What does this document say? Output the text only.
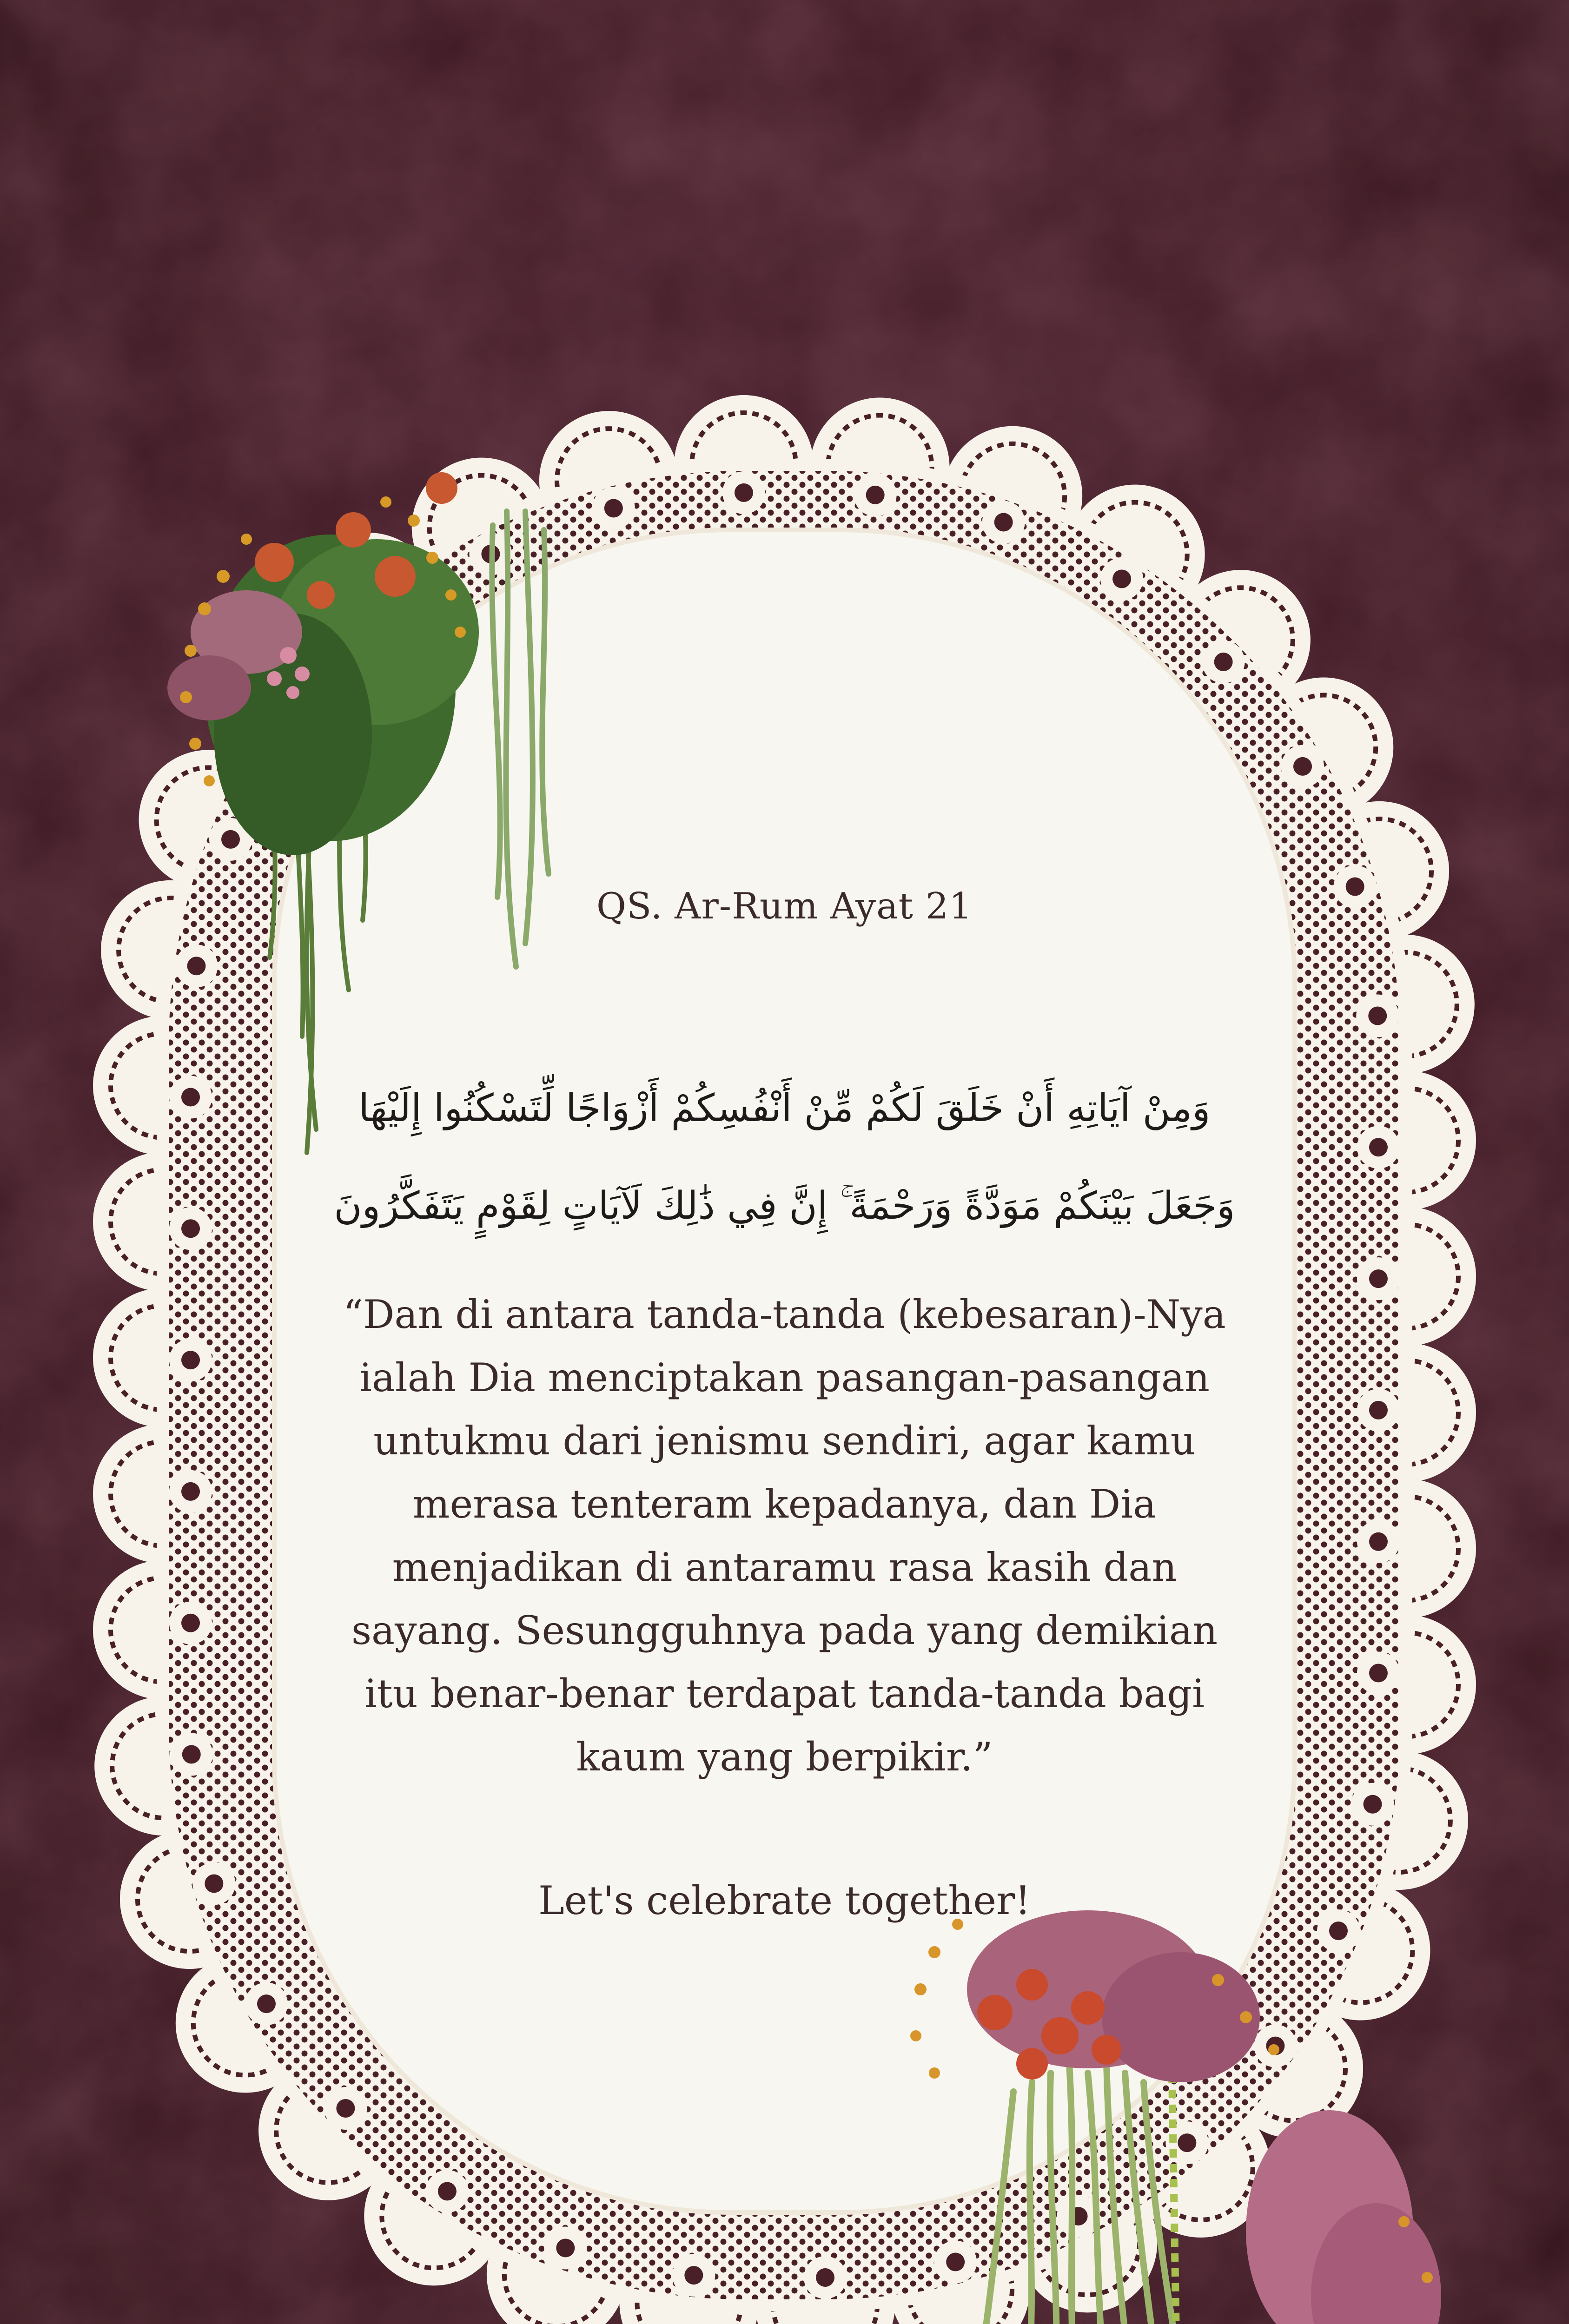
QS. Ar-Rum Ayat 21
وَمِنْ آيَاتِهِ أَنْ خَلَقَ لَكُمْ مِّنْ أَنْفُسِكُمْ أَزْوَاجًا لِّتَسْكُنُوا إِلَيْهَا وَجَعَلَ بَيْنَكُمْ مَوَدَّةً وَرَحْمَةً ۚ إِنَّ فِي ذَٰلِكَ لَآيَاتٍ لِقَوْمٍ يَتَفَكَّرُونَ
“Dan di antara tanda-tanda (kebesaran)-Nya ialah Dia menciptakan pasangan-pasangan untukmu dari jenismu sendiri, agar kamu merasa tenteram kepadanya, dan Dia menjadikan di antaramu rasa kasih dan sayang. Sesungguhnya pada yang demikian itu benar-benar terdapat tanda-tanda bagi kaum yang berpikir.”
Let's celebrate together!
